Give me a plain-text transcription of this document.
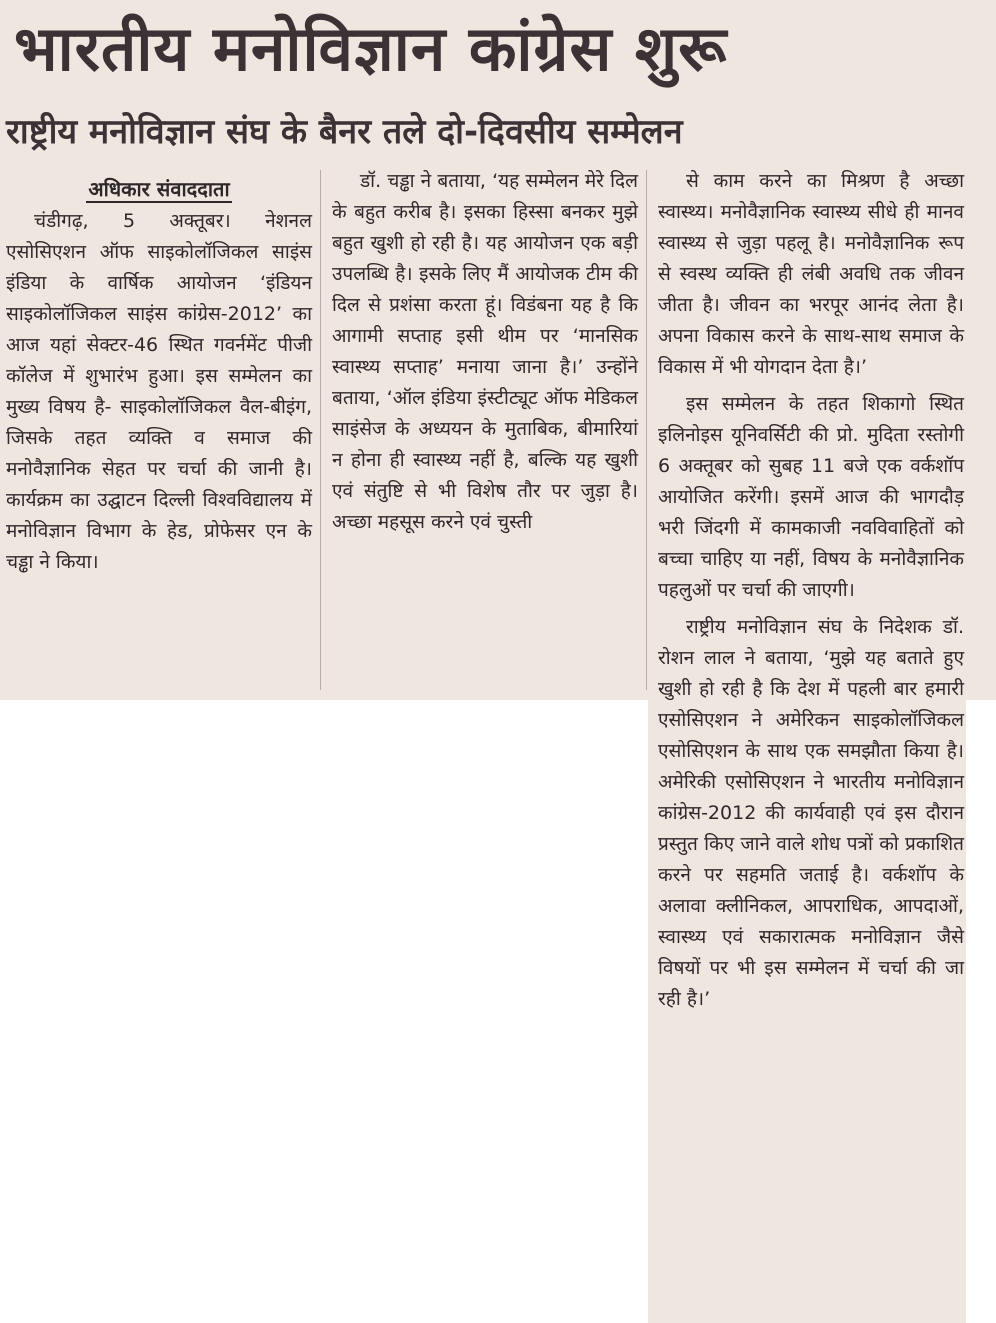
भारतीय मनोविज्ञान कांग्रेस शुरू
राष्ट्रीय मनोविज्ञान संघ के बैनर तले दो-दिवसीय सम्मेलन
अधिकार संवाददाता

चंडीगढ़, 5 अक्तूबर। नेशनल एसोसिएशन ऑफ साइकोलॉजिकल साइंस इंडिया के वार्षिक आयोजन ‘इंडियन साइकोलॉजिकल साइंस कांग्रेस-2012’ का आज यहां सेक्टर-46 स्थित गवर्नमेंट पीजी कॉलेज में शुभारंभ हुआ। इस सम्मेलन का मुख्य विषय है- साइकोलॉजिकल वैल-बीइंग, जिसके तहत व्यक्ति व समाज की मनोवैज्ञानिक सेहत पर चर्चा की जानी है। कार्यक्रम का उद्घाटन दिल्ली विश्वविद्यालय में मनोविज्ञान विभाग के हेड, प्रोफेसर एन के चड्ढा ने किया।

डॉ. चड्ढा ने बताया, ‘यह सम्मेलन मेरे दिल के बहुत करीब है। इसका हिस्सा बनकर मुझे बहुत खुशी हो रही है। यह आयोजन एक बड़ी उपलब्धि है। इसके लिए मैं आयोजक टीम की दिल से प्रशंसा करता हूं। विडंबना यह है कि आगामी सप्ताह इसी थीम पर ‘मानसिक स्वास्थ्य सप्ताह’ मनाया जाना है।’ उन्होंने बताया, ‘ऑल इंडिया इंस्टीट्यूट ऑफ मेडिकल साइंसेज के अध्ययन के मुताबिक, बीमारियां न होना ही स्वास्थ्य नहीं है, बल्कि यह खुशी एवं संतुष्टि से भी विशेष तौर पर जुड़ा है। अच्छा महसूस करने एवं चुस्ती

से काम करने का मिश्रण है अच्छा स्वास्थ्य। मनोवैज्ञानिक स्वास्थ्य सीधे ही मानव स्वास्थ्य से जुड़ा पहलू है। मनोवैज्ञानिक रूप से स्वस्थ व्यक्ति ही लंबी अवधि तक जीवन जीता है। जीवन का भरपूर आनंद लेता है। अपना विकास करने के साथ-साथ समाज के विकास में भी योगदान देता है।’

इस सम्मेलन के तहत शिकागो स्थित इलिनोइस यूनिवर्सिटी की प्रो. मुदिता रस्तोगी 6 अक्तूबर को सुबह 11 बजे एक वर्कशॉप आयोजित करेंगी। इसमें आज की भागदौड़ भरी जिंदगी में कामकाजी नवविवाहितों को बच्चा चाहिए या नहीं, विषय के मनोवैज्ञानिक पहलुओं पर चर्चा की जाएगी।

राष्ट्रीय मनोविज्ञान संघ के निदेशक डॉ. रोशन लाल ने बताया, ‘मुझे यह बताते हुए खुशी हो रही है कि देश में पहली बार हमारी एसोसिएशन ने अमेरिकन साइकोलॉजिकल एसोसिएशन के साथ एक समझौता किया है। अमेरिकी एसोसिएशन ने भारतीय मनोविज्ञान कांग्रेस-2012 की कार्यवाही एवं इस दौरान प्रस्तुत किए जाने वाले शोध पत्रों को प्रकाशित करने पर सहमति जताई है। वर्कशॉप के अलावा क्लीनिकल, आपराधिक, आपदाओं, स्वास्थ्य एवं सकारात्मक मनोविज्ञान जैसे विषयों पर भी इस सम्मेलन में चर्चा की जा रही है।’
